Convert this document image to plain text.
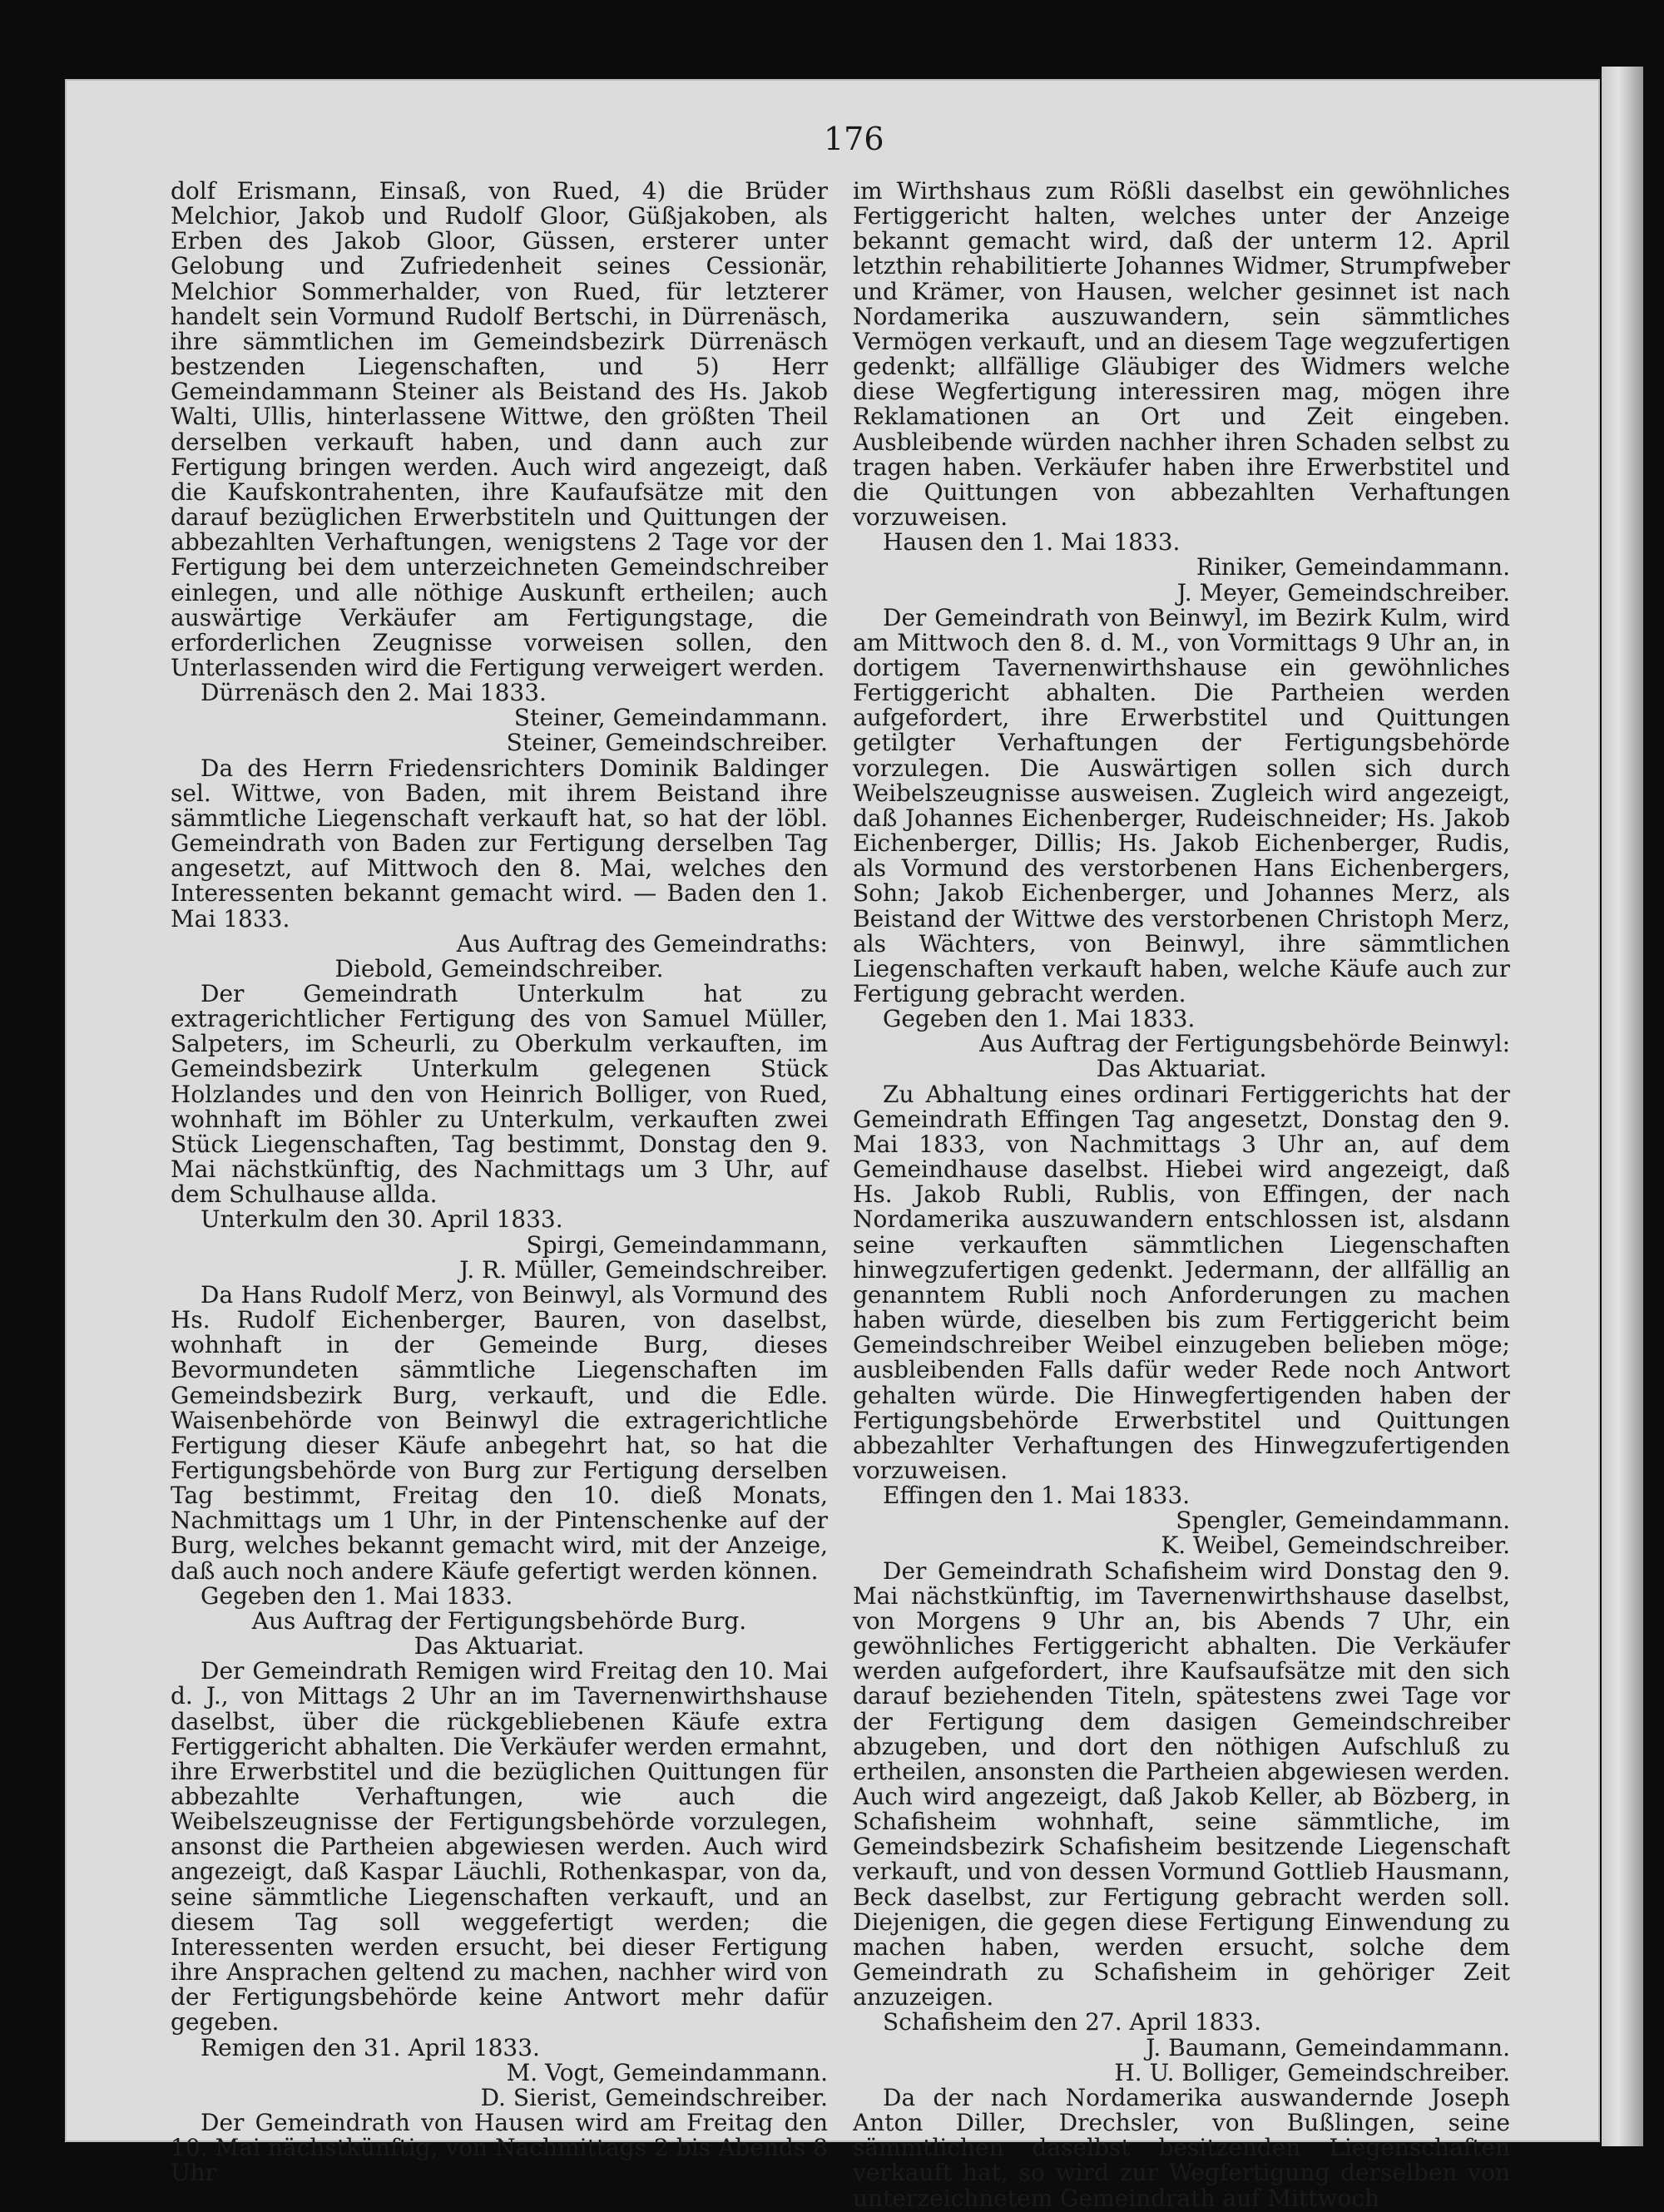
176

dolf Erismann, Einsaß, von Rued, 4) die Brüder Melchior, Jakob und Rudolf Gloor, Güßjakoben, als Erben des Jakob Gloor, Güssen, ersterer unter Gelobung und Zufriedenheit seines Cessionär, Melchior Sommerhalder, von Rued, für letzterer handelt sein Vormund Rudolf Bertschi, in Dürrenäsch, ihre sämmtlichen im Gemeindsbezirk Dürrenäsch bestzenden Liegenschaften, und 5) Herr Gemeindammann Steiner als Beistand des Hs. Jakob Walti, Ullis, hinterlassene Wittwe, den größten Theil derselben verkauft haben, und dann auch zur Fertigung bringen werden. Auch wird angezeigt, daß die Kaufskontrahenten, ihre Kaufaufsätze mit den darauf bezüglichen Erwerbstiteln und Quittungen der abbezahlten Verhaftungen, wenigstens 2 Tage vor der Fertigung bei dem unterzeichneten Gemeindschreiber einlegen, und alle nöthige Auskunft ertheilen; auch auswärtige Verkäufer am Fertigungstage, die erforderlichen Zeugnisse vorweisen sollen, den Unterlassenden wird die Fertigung verweigert werden.

Dürrenäsch den 2. Mai 1833.

Steiner, Gemeindammann.

Steiner, Gemeindschreiber.

Da des Herrn Friedensrichters Dominik Baldinger sel. Wittwe, von Baden, mit ihrem Beistand ihre sämmtliche Liegenschaft verkauft hat, so hat der löbl. Gemeindrath von Baden zur Fertigung derselben Tag angesetzt, auf Mittwoch den 8. Mai, welches den Interessenten bekannt gemacht wird. — Baden den 1. Mai 1833.

Aus Auftrag des Gemeindraths:

Diebold, Gemeindschreiber.

Der Gemeindrath Unterkulm hat zu extragerichtlicher Fertigung des von Samuel Müller, Salpeters, im Scheurli, zu Oberkulm verkauften, im Gemeindsbezirk Unterkulm gelegenen Stück Holzlandes und den von Heinrich Bolliger, von Rued, wohnhaft im Böhler zu Unterkulm, verkauften zwei Stück Liegenschaften, Tag bestimmt, Donstag den 9. Mai nächstkünftig, des Nachmittags um 3 Uhr, auf dem Schulhause allda.

Unterkulm den 30. April 1833.

Spirgi, Gemeindammann,

J. R. Müller, Gemeindschreiber.

Da Hans Rudolf Merz, von Beinwyl, als Vormund des Hs. Rudolf Eichenberger, Bauren, von daselbst, wohnhaft in der Gemeinde Burg, dieses Bevormundeten sämmtliche Liegenschaften im Gemeindsbezirk Burg, verkauft, und die Edle. Waisenbehörde von Beinwyl die extragerichtliche Fertigung dieser Käufe anbegehrt hat, so hat die Fertigungsbehörde von Burg zur Fertigung derselben Tag bestimmt, Freitag den 10. dieß Monats, Nachmittags um 1 Uhr, in der Pintenschenke auf der Burg, welches bekannt gemacht wird, mit der Anzeige, daß auch noch andere Käufe gefertigt werden können.

Gegeben den 1. Mai 1833.

Aus Auftrag der Fertigungsbehörde Burg.

Das Aktuariat.

Der Gemeindrath Remigen wird Freitag den 10. Mai d. J., von Mittags 2 Uhr an im Tavernenwirthshause daselbst, über die rückgebliebenen Käufe extra Fertiggericht abhalten. Die Verkäufer werden ermahnt, ihre Erwerbstitel und die bezüglichen Quittungen für abbezahlte Verhaftungen, wie auch die Weibelszeugnisse der Fertigungsbehörde vorzulegen, ansonst die Partheien abgewiesen werden. Auch wird angezeigt, daß Kaspar Läuchli, Rothenkaspar, von da, seine sämmtliche Liegenschaften verkauft, und an diesem Tag soll weggefertigt werden; die Interessenten werden ersucht, bei dieser Fertigung ihre Ansprachen geltend zu machen, nachher wird von der Fertigungsbehörde keine Antwort mehr dafür gegeben.

Remigen den 31. April 1833.

M. Vogt, Gemeindammann.

D. Sierist, Gemeindschreiber.

Der Gemeindrath von Hausen wird am Freitag den 10. Mai nächstkünftig, von Nachmittags 2 bis Abends 8 Uhr

im Wirthshaus zum Rößli daselbst ein gewöhnliches Fertiggericht halten, welches unter der Anzeige bekannt gemacht wird, daß der unterm 12. April letzthin rehabilitierte Johannes Widmer, Strumpfweber und Krämer, von Hausen, welcher gesinnet ist nach Nordamerika auszuwandern, sein sämmtliches Vermögen verkauft, und an diesem Tage wegzufertigen gedenkt; allfällige Gläubiger des Widmers welche diese Wegfertigung interessiren mag, mögen ihre Reklamationen an Ort und Zeit eingeben. Ausbleibende würden nachher ihren Schaden selbst zu tragen haben. Verkäufer haben ihre Erwerbstitel und die Quittungen von abbezahlten Verhaftungen vorzuweisen.

Hausen den 1. Mai 1833.

Riniker, Gemeindammann.

J. Meyer, Gemeindschreiber.

Der Gemeindrath von Beinwyl, im Bezirk Kulm, wird am Mittwoch den 8. d. M., von Vormittags 9 Uhr an, in dortigem Tavernenwirthshause ein gewöhnliches Fertiggericht abhalten. Die Partheien werden aufgefordert, ihre Erwerbstitel und Quittungen getilgter Verhaftungen der Fertigungsbehörde vorzulegen. Die Auswärtigen sollen sich durch Weibelszeugnisse ausweisen. Zugleich wird angezeigt, daß Johannes Eichenberger, Rudeischneider; Hs. Jakob Eichenberger, Dillis; Hs. Jakob Eichenberger, Rudis, als Vormund des verstorbenen Hans Eichenbergers, Sohn; Jakob Eichenberger, und Johannes Merz, als Beistand der Wittwe des verstorbenen Christoph Merz, als Wächters, von Beinwyl, ihre sämmtlichen Liegenschaften verkauft haben, welche Käufe auch zur Fertigung gebracht werden.

Gegeben den 1. Mai 1833.

Aus Auftrag der Fertigungsbehörde Beinwyl:

Das Aktuariat.

Zu Abhaltung eines ordinari Fertiggerichts hat der Gemeindrath Effingen Tag angesetzt, Donstag den 9. Mai 1833, von Nachmittags 3 Uhr an, auf dem Gemeindhause daselbst. Hiebei wird angezeigt, daß Hs. Jakob Rubli, Rublis, von Effingen, der nach Nordamerika auszuwandern entschlossen ist, alsdann seine verkauften sämmtlichen Liegenschaften hinwegzufertigen gedenkt. Jedermann, der allfällig an genanntem Rubli noch Anforderungen zu machen haben würde, dieselben bis zum Fertiggericht beim Gemeindschreiber Weibel einzugeben belieben möge; ausbleibenden Falls dafür weder Rede noch Antwort gehalten würde. Die Hinwegfertigenden haben der Fertigungsbehörde Erwerbstitel und Quittungen abbezahlter Verhaftungen des Hinwegzufertigenden vorzuweisen.

Effingen den 1. Mai 1833.

Spengler, Gemeindammann.

K. Weibel, Gemeindschreiber.

Der Gemeindrath Schafisheim wird Donstag den 9. Mai nächstkünftig, im Tavernenwirthshause daselbst, von Morgens 9 Uhr an, bis Abends 7 Uhr, ein gewöhnliches Fertiggericht abhalten. Die Verkäufer werden aufgefordert, ihre Kaufsaufsätze mit den sich darauf beziehenden Titeln, spätestens zwei Tage vor der Fertigung dem dasigen Gemeindschreiber abzugeben, und dort den nöthigen Aufschluß zu ertheilen, ansonsten die Partheien abgewiesen werden. Auch wird angezeigt, daß Jakob Keller, ab Bözberg, in Schafisheim wohnhaft, seine sämmtliche, im Gemeindsbezirk Schafisheim besitzende Liegenschaft verkauft, und von dessen Vormund Gottlieb Hausmann, Beck daselbst, zur Fertigung gebracht werden soll. Diejenigen, die gegen diese Fertigung Einwendung zu machen haben, werden ersucht, solche dem Gemeindrath zu Schafisheim in gehöriger Zeit anzuzeigen.

Schafisheim den 27. April 1833.

J. Baumann, Gemeindammann.

H. U. Bolliger, Gemeindschreiber.

Da der nach Nordamerika auswandernde Joseph Anton Diller, Drechsler, von Bußlingen, seine sämmtlichen daselbst besitzenden Liegenschaften verkauft hat, so wird zur Wegfertigung derselben von unterzeichnetem Gemeindrath auf Mittwoch
